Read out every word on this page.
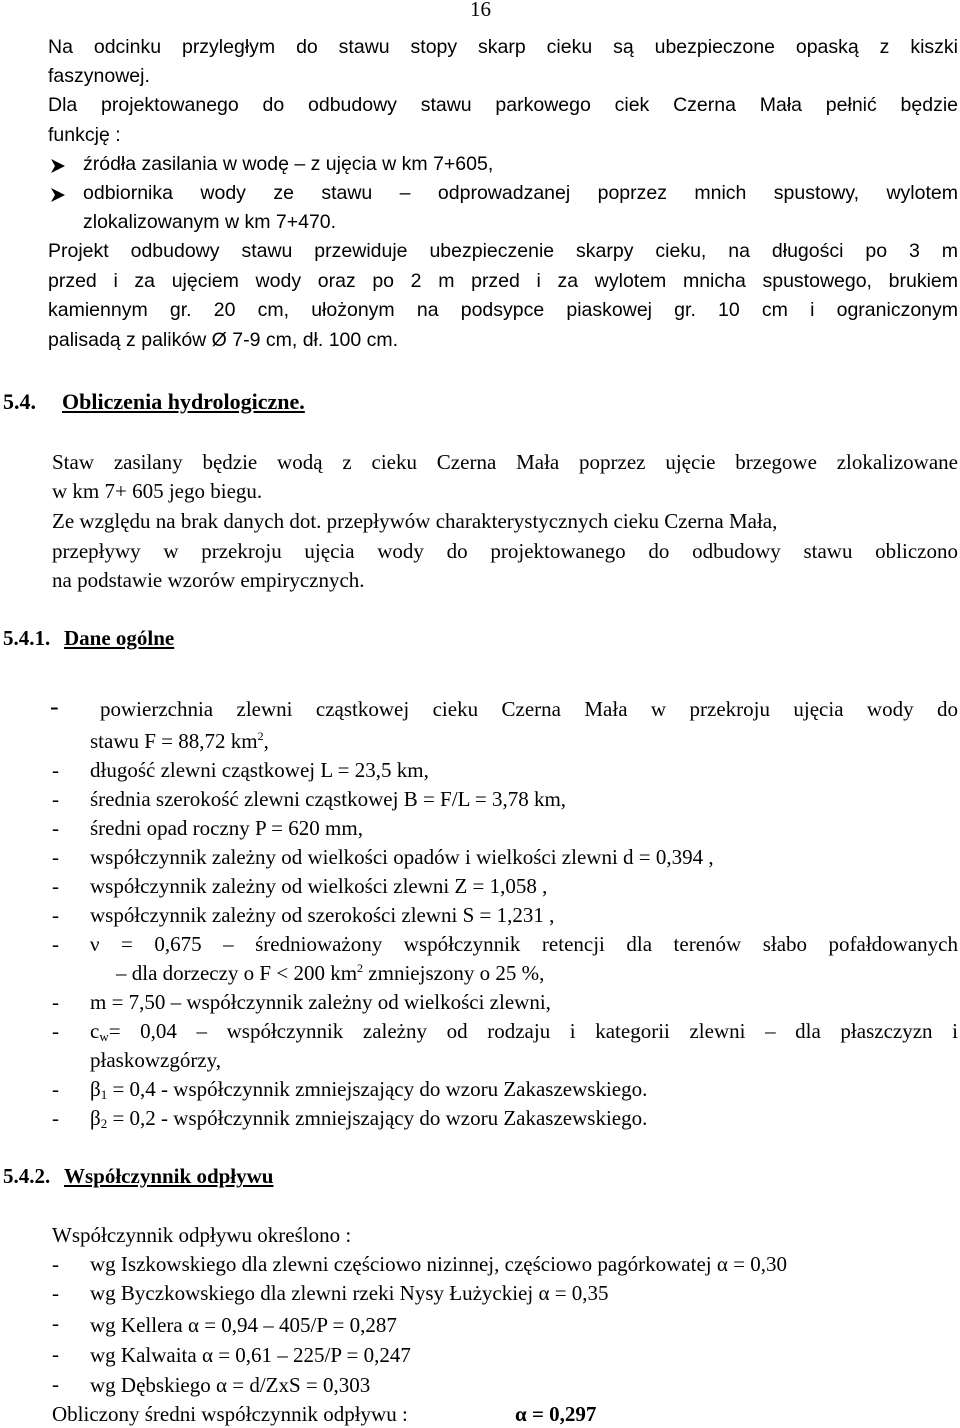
16
Na odcinku przyległym do stawu stopy skarp cieku są ubezpieczone opaską z kiszki
faszynowej.
Dla projektowanego do odbudowy stawu parkowego ciek Czerna Mała pełnić będzie
funkcję :
źródła zasilania w wodę – z ujęcia w km 7+605,
odbiornika wody ze stawu – odprowadzanej poprzez mnich spustowy, wylotem
zlokalizowanym w km 7+470.
Projekt odbudowy stawu przewiduje ubezpieczenie skarpy cieku, na długości po 3 m
przed i za ujęciem wody oraz po 2 m przed i za wylotem mnicha spustowego, brukiem
kamiennym gr. 20 cm, ułożonym na podsypce piaskowej gr. 10 cm i ograniczonym
palisadą z palików Ø 7-9 cm, dł. 100 cm.
5.4. Obliczenia hydrologiczne.
Staw zasilany będzie wodą z cieku Czerna Mała poprzez ujęcie brzegowe zlokalizowane
w km 7+ 605 jego biegu.
Ze względu na brak danych dot. przepływów charakterystycznych cieku Czerna Mała,
przepływy w przekroju ujęcia wody do projektowanego do odbudowy stawu obliczono
na podstawie wzorów empirycznych.
5.4.1. Dane ogólne
- powierzchnia zlewni cząstkowej cieku Czerna Mała w przekroju ujęcia wody do
stawu F = 88,72 $km^2$,
- długość zlewni cząstkowej L = 23,5 km,
- średnia szerokość zlewni cząstkowej B = F/L = 3,78 km,
- średni opad roczny P = 620 mm,
- współczynnik zależny od wielkości opadów i wielkości zlewni d = 0,394 ,
- współczynnik zależny od wielkości zlewni Z = 1,058 ,
- współczynnik zależny od szerokości zlewni S = 1,231 ,
- ν = 0,675 – średnioważony współczynnik retencji dla terenów słabo pofałdowanych
– dla dorzeczy o F < 200 $km^2$ zmniejszony o 25 %,
- m = 7,50 – współczynnik zależny od wielkości zlewni,
- $c_w = 0,04$ – współczynnik zależny od rodzaju i kategorii zlewni – dla płaszczyzn i
płaskowzgórzy,
- $\beta_1 = 0,4$ - współczynnik zmniejszający do wzoru Zakaszewskiego.
- $\beta_2 = 0,2$ - współczynnik zmniejszający do wzoru Zakaszewskiego.
5.4.2. Współczynnik odpływu
Współczynnik odpływu określono :
- wg Iszkowskiego dla zlewni częściowo nizinnej, częściowo pagórkowatej α = 0,30
- wg Byczkowskiego dla zlewni rzeki Nysy Łużyckiej α = 0,35
- wg Kellera α = 0,94 – 405/P = 0,287
- wg Kalwaita α = 0,61 – 225/P = 0,247
- wg Dębskiego α = d/ZxS = 0,303
Obliczony średni współczynnik odpływu :	α = 0,297
